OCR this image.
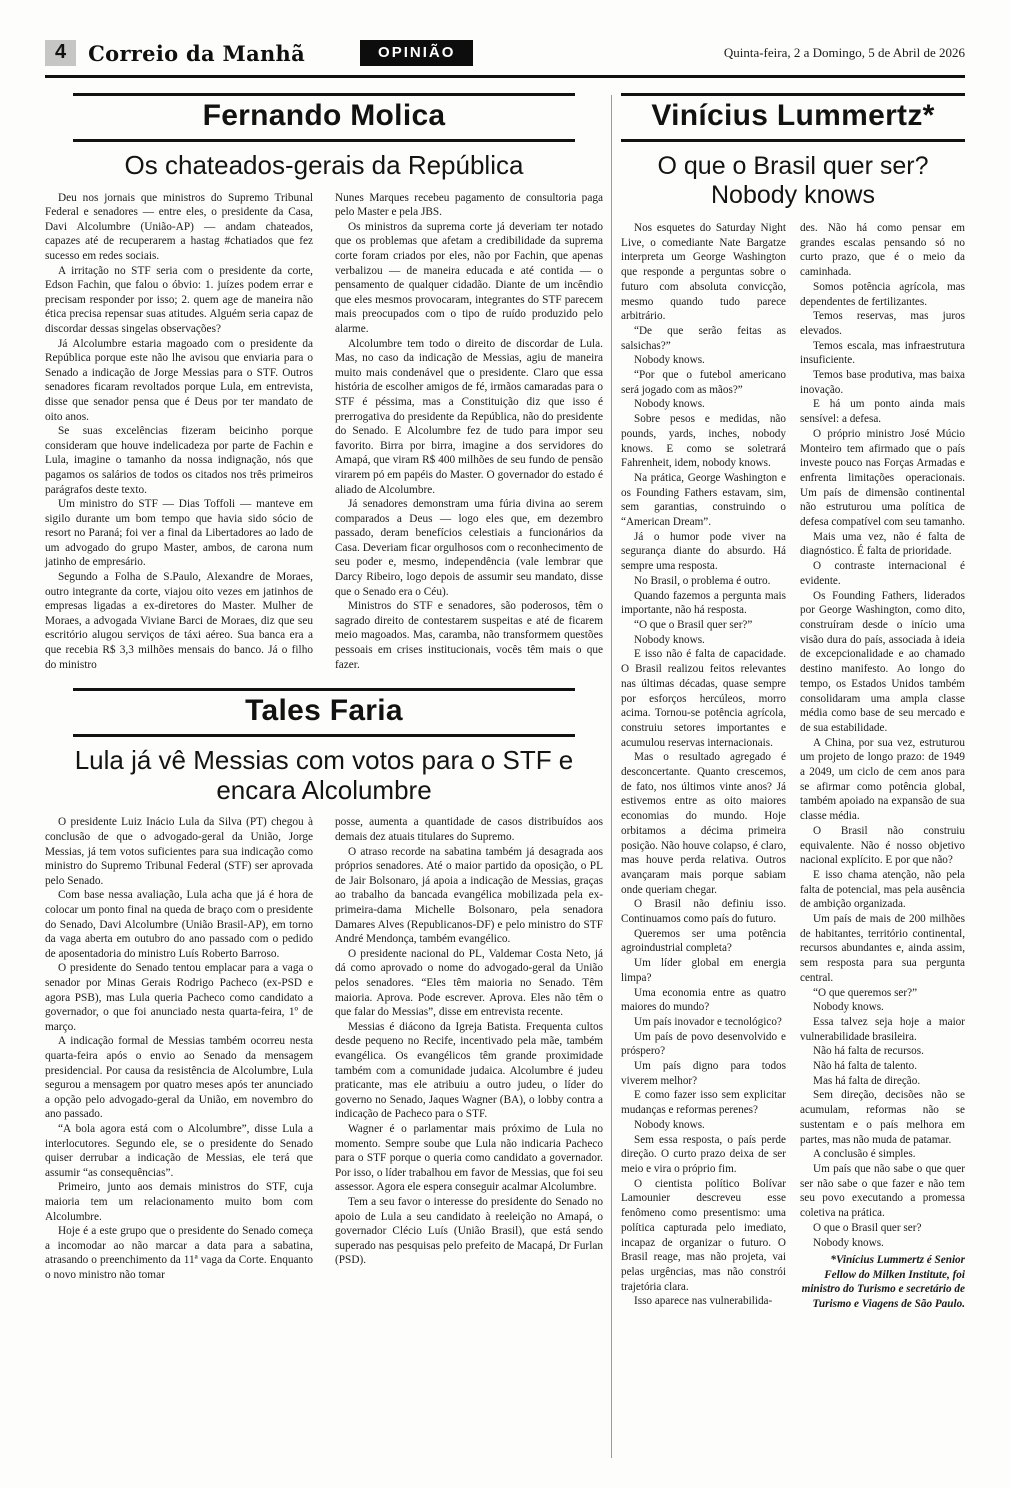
4	Correio da Manhã	OPINIÃO	Quinta-feira, 2 a Domingo, 5 de Abril de 2026
Fernando Molica
Os chateados-gerais da República

Deu nos jornais que ministros do Supremo Tribunal Federal e senadores — entre eles, o presidente da Casa, Davi Alcolumbre (União-AP) — andam chateados, capazes até de recuperarem a hastag #chatiados que fez sucesso em redes sociais.

A irritação no STF seria com o presidente da corte, Edson Fachin, que falou o óbvio: 1. juízes podem errar e precisam responder por isso; 2. quem age de maneira não ética precisa repensar suas atitudes. Alguém seria capaz de discordar dessas singelas observações?

Já Alcolumbre estaria magoado com o presidente da República porque este não lhe avisou que enviaria para o Senado a indicação de Jorge Messias para o STF. Outros senadores ficaram revoltados porque Lula, em entrevista, disse que senador pensa que é Deus por ter mandato de oito anos.

Se suas excelências fizeram beicinho porque consideram que houve indelicadeza por parte de Fachin e Lula, imagine o tamanho da nossa indignação, nós que pagamos os salários de todos os citados nos três primeiros parágrafos deste texto.

Um ministro do STF — Dias Toffoli — manteve em sigilo durante um bom tempo que havia sido sócio de resort no Paraná; foi ver a final da Libertadores ao lado de um advogado do grupo Master, ambos, de carona num jatinho de empresário.

Segundo a Folha de S.Paulo, Alexandre de Moraes, outro integrante da corte, viajou oito vezes em jatinhos de empresas ligadas a ex-diretores do Master. Mulher de Moraes, a advogada Viviane Barci de Moraes, diz que seu escritório alugou serviços de táxi aéreo. Sua banca era a que recebia R$ 3,3 milhões mensais do banco. Já o filho do ministro

Nunes Marques recebeu pagamento de consultoria paga pelo Master e pela JBS.

Os ministros da suprema corte já deveriam ter notado que os problemas que afetam a credibilidade da suprema corte foram criados por eles, não por Fachin, que apenas verbalizou — de maneira educada e até contida — o pensamento de qualquer cidadão. Diante de um incêndio que eles mesmos provocaram, integrantes do STF parecem mais preocupados com o tipo de ruído produzido pelo alarme.

Alcolumbre tem todo o direito de discordar de Lula. Mas, no caso da indicação de Messias, agiu de maneira muito mais condenável que o presidente. Claro que essa história de escolher amigos de fé, irmãos camaradas para o STF é péssima, mas a Constituição diz que isso é prerrogativa do presidente da República, não do presidente do Senado. E Alcolumbre fez de tudo para impor seu favorito. Birra por birra, imagine a dos servidores do Amapá, que viram R$ 400 milhões de seu fundo de pensão virarem pó em papéis do Master. O governador do estado é aliado de Alcolumbre.

Já senadores demonstram uma fúria divina ao serem comparados a Deus — logo eles que, em dezembro passado, deram benefícios celestiais a funcionários da Casa. Deveriam ficar orgulhosos com o reconhecimento de seu poder e, mesmo, independência (vale lembrar que Darcy Ribeiro, logo depois de assumir seu mandato, disse que o Senado era o Céu).

Ministros do STF e senadores, são poderosos, têm o sagrado direito de contestarem suspeitas e até de ficarem meio magoados. Mas, caramba, não transformem questões pessoais em crises institucionais, vocês têm mais o que fazer.

Tales Faria
Lula já vê Messias com votos para o STF e encara Alcolumbre

O presidente Luiz Inácio Lula da Silva (PT) chegou à conclusão de que o advogado-geral da União, Jorge Messias, já tem votos suficientes para sua indicação como ministro do Supremo Tribunal Federal (STF) ser aprovada pelo Senado.

Com base nessa avaliação, Lula acha que já é hora de colocar um ponto final na queda de braço com o presidente do Senado, Davi Alcolumbre (União Brasil-AP), em torno da vaga aberta em outubro do ano passado com o pedido de aposentadoria do ministro Luís Roberto Barroso.

O presidente do Senado tentou emplacar para a vaga o senador por Minas Gerais Rodrigo Pacheco (ex-PSD e agora PSB), mas Lula queria Pacheco como candidato a governador, o que foi anunciado nesta quarta-feira, 1º de março.

A indicação formal de Messias também ocorreu nesta quarta-feira após o envio ao Senado da mensagem presidencial. Por causa da resistência de Alcolumbre, Lula segurou a mensagem por quatro meses após ter anunciado a opção pelo advogado-geral da União, em novembro do ano passado.

“A bola agora está com o Alcolumbre”, disse Lula a interlocutores. Segundo ele, se o presidente do Senado quiser derrubar a indicação de Messias, ele terá que assumir “as consequências”.

Primeiro, junto aos demais ministros do STF, cuja maioria tem um relacionamento muito bom com Alcolumbre.

Hoje é a este grupo que o presidente do Senado começa a incomodar ao não marcar a data para a sabatina, atrasando o preenchimento da 11ª vaga da Corte. Enquanto o novo ministro não tomar

posse, aumenta a quantidade de casos distribuídos aos demais dez atuais titulares do Supremo.

O atraso recorde na sabatina também já desagrada aos próprios senadores. Até o maior partido da oposição, o PL de Jair Bolsonaro, já apoia a indicação de Messias, graças ao trabalho da bancada evangélica mobilizada pela ex-primeira-dama Michelle Bolsonaro, pela senadora Damares Alves (Republicanos-DF) e pelo ministro do STF André Mendonça, também evangélico.

O presidente nacional do PL, Valdemar Costa Neto, já dá como aprovado o nome do advogado-geral da União pelos senadores. “Eles têm maioria no Senado. Têm maioria. Aprova. Pode escrever. Aprova. Eles não têm o que falar do Messias”, disse em entrevista recente.

Messias é diácono da Igreja Batista. Frequenta cultos desde pequeno no Recife, incentivado pela mãe, também evangélica. Os evangélicos têm grande proximidade também com a comunidade judaica. Alcolumbre é judeu praticante, mas ele atribuiu a outro judeu, o líder do governo no Senado, Jaques Wagner (BA), o lobby contra a indicação de Pacheco para o STF.

Wagner é o parlamentar mais próximo de Lula no momento. Sempre soube que Lula não indicaria Pacheco para o STF porque o queria como candidato a governador. Por isso, o líder trabalhou em favor de Messias, que foi seu assessor. Agora ele espera conseguir acalmar Alcolumbre.

Tem a seu favor o interesse do presidente do Senado no apoio de Lula a seu candidato à reeleição no Amapá, o governador Clécio Luís (União Brasil), que está sendo superado nas pesquisas pelo prefeito de Macapá, Dr Furlan (PSD).

Vinícius Lummertz*
O que o Brasil quer ser? Nobody knows

Nos esquetes do Saturday Night Live, o comediante Nate Bargatze interpreta um George Washington que responde a perguntas sobre o futuro com absoluta convicção, mesmo quando tudo parece arbitrário.

“De que serão feitas as salsichas?”

Nobody knows.

“Por que o futebol americano será jogado com as mãos?”

Nobody knows.

Sobre pesos e medidas, não pounds, yards, inches, nobody knows. E como se soletrará Fahrenheit, idem, nobody knows.

Na prática, George Washington e os Founding Fathers estavam, sim, sem garantias, construindo o “American Dream”.

Já o humor pode viver na segurança diante do absurdo. Há sempre uma resposta.

No Brasil, o problema é outro.

Quando fazemos a pergunta mais importante, não há resposta.

“O que o Brasil quer ser?”

Nobody knows.

E isso não é falta de capacidade. O Brasil realizou feitos relevantes nas últimas décadas, quase sempre por esforços hercúleos, morro acima. Tornou-se potência agrícola, construiu setores importantes e acumulou reservas internacionais.

Mas o resultado agregado é desconcertante. Quanto crescemos, de fato, nos últimos vinte anos? Já estivemos entre as oito maiores economias do mundo. Hoje orbitamos a décima primeira posição. Não houve colapso, é claro, mas houve perda relativa. Outros avançaram mais porque sabiam onde queriam chegar.

O Brasil não definiu isso. Continuamos como país do futuro.

Queremos ser uma potência agroindustrial completa?

Um líder global em energia limpa?

Uma economia entre as quatro maiores do mundo?

Um país inovador e tecnológico?

Um país de povo desenvolvido e próspero?

Um país digno para todos viverem melhor?

E como fazer isso sem explicitar mudanças e reformas perenes?

Nobody knows.

Sem essa resposta, o país perde direção. O curto prazo deixa de ser meio e vira o próprio fim.

O cientista político Bolívar Lamounier descreveu esse fenômeno como presentismo: uma política capturada pelo imediato, incapaz de organizar o futuro. O Brasil reage, mas não projeta, vai pelas urgências, mas não constrói trajetória clara.

Isso aparece nas vulnerabilida-

des. Não há como pensar em grandes escalas pensando só no curto prazo, que é o meio da caminhada.

Somos potência agrícola, mas dependentes de fertilizantes.

Temos reservas, mas juros elevados.

Temos escala, mas infraestrutura insuficiente.

Temos base produtiva, mas baixa inovação.

E há um ponto ainda mais sensível: a defesa.

O próprio ministro José Múcio Monteiro tem afirmado que o país investe pouco nas Forças Armadas e enfrenta limitações operacionais. Um país de dimensão continental não estruturou uma política de defesa compatível com seu tamanho.

Mais uma vez, não é falta de diagnóstico. É falta de prioridade.

O contraste internacional é evidente.

Os Founding Fathers, liderados por George Washington, como dito, construíram desde o início uma visão dura do país, associada à ideia de excepcionalidade e ao chamado destino manifesto. Ao longo do tempo, os Estados Unidos também consolidaram uma ampla classe média como base de seu mercado e de sua estabilidade.

A China, por sua vez, estruturou um projeto de longo prazo: de 1949 a 2049, um ciclo de cem anos para se afirmar como potência global, também apoiado na expansão de sua classe média.

O Brasil não construiu equivalente. Não é nosso objetivo nacional explícito. E por que não?

E isso chama atenção, não pela falta de potencial, mas pela ausência de ambição organizada.

Um país de mais de 200 milhões de habitantes, território continental, recursos abundantes e, ainda assim, sem resposta para sua pergunta central.

“O que queremos ser?”

Nobody knows.

Essa talvez seja hoje a maior vulnerabilidade brasileira.

Não há falta de recursos.

Não há falta de talento.

Mas há falta de direção.

Sem direção, decisões não se acumulam, reformas não se sustentam e o país melhora em partes, mas não muda de patamar.

A conclusão é simples.

Um país que não sabe o que quer ser não sabe o que fazer e não tem seu povo executando a promessa coletiva na prática.

O que o Brasil quer ser?

Nobody knows.

*Vinícius Lummertz é Senior Fellow do Milken Institute, foi ministro do Turismo e secretário de Turismo e Viagens de São Paulo.
